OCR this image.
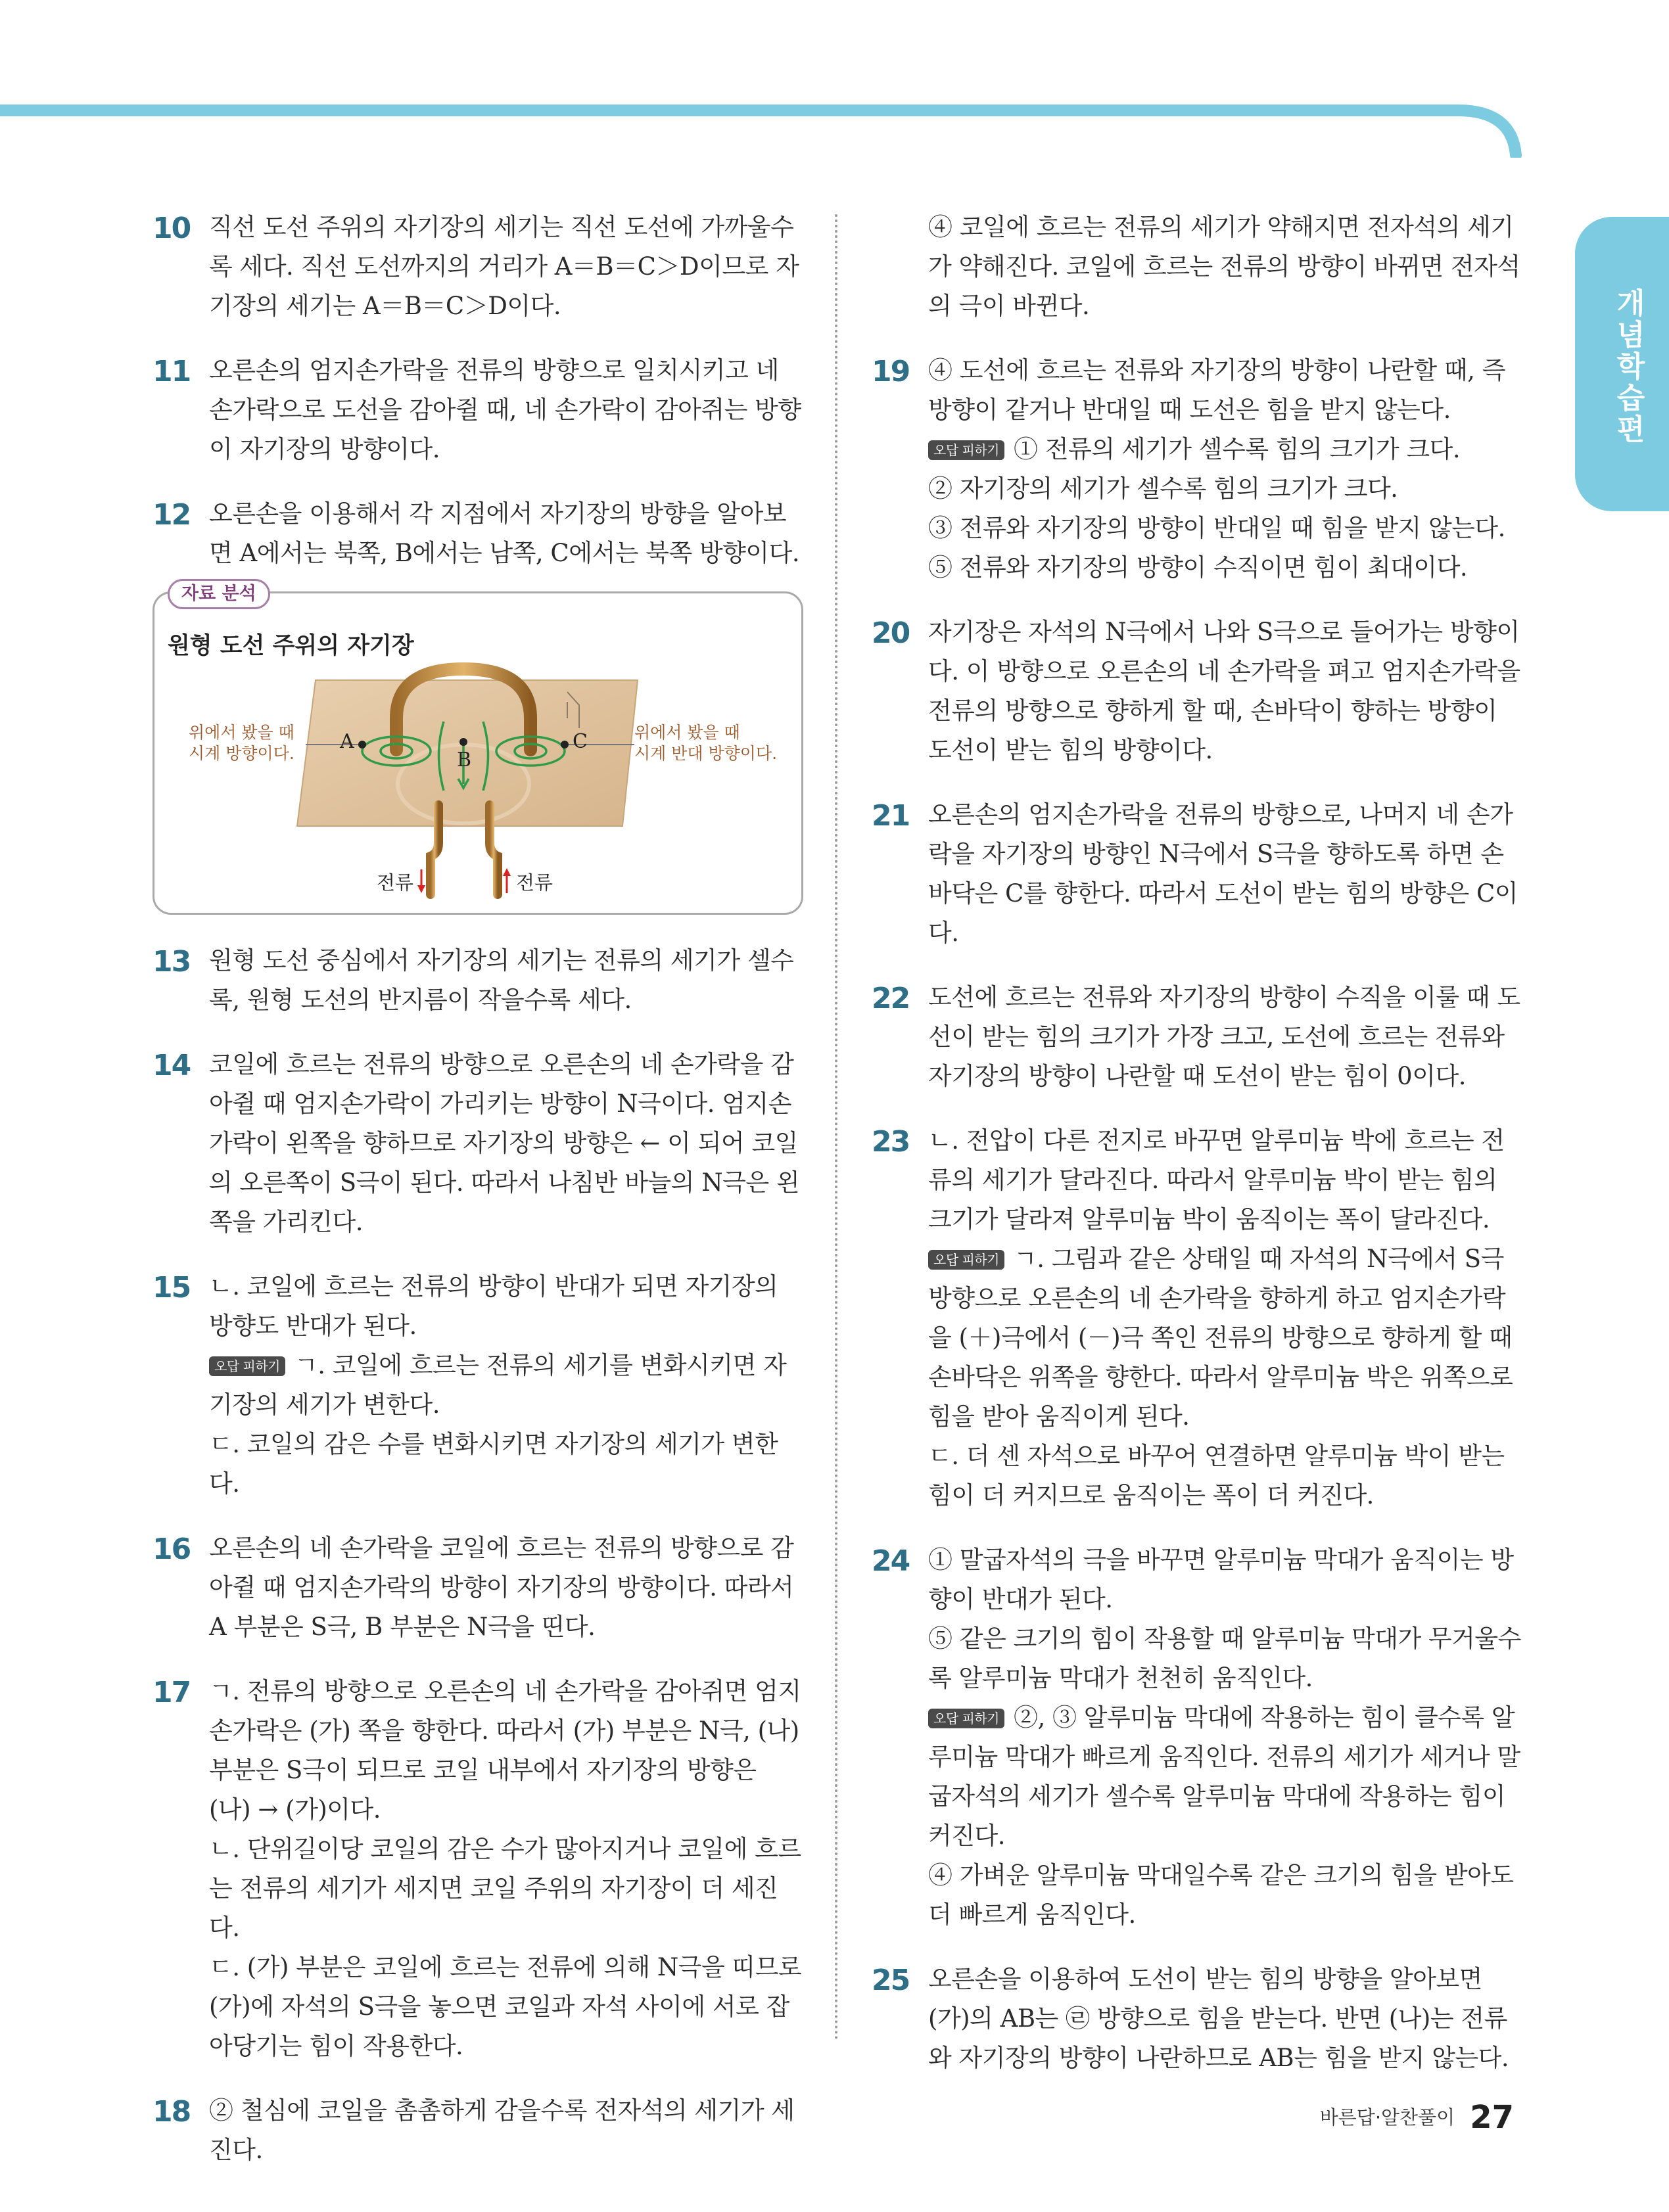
개념학습편
10 직선 도선 주위의 자기장의 세기는 직선 도선에 가까울수록 세다. 직선 도선까지의 거리가 A＝B＝C＞D이므로 자기장의 세기는 A＝B＝C＞D이다.

11 오른손의 엄지손가락을 전류의 방향으로 일치시키고 네 손가락으로 도선을 감아쥘 때, 네 손가락이 감아쥐는 방향이 자기장의 방향이다.

12 오른손을 이용해서 각 지점에서 자기장의 방향을 알아보면 A에서는 북쪽, B에서는 남쪽, C에서는 북쪽 방향이다.

자료 분석
원형 도선 주위의 자기장
A
B
C
위에서 봤을 때
시계 방향이다.
위에서 봤을 때
시계 반대 방향이다.
전류	전류
13 원형 도선 중심에서 자기장의 세기는 전류의 세기가 셀수록, 원형 도선의 반지름이 작을수록 세다.

14 코일에 흐르는 전류의 방향으로 오른손의 네 손가락을 감아쥘 때 엄지손가락이 가리키는 방향이 N극이다. 엄지손가락이 왼쪽을 향하므로 자기장의 방향은 ← 이 되어 코일의 오른쪽이 S극이 된다. 따라서 나침반 바늘의 N극은 왼쪽을 가리킨다.

15 ㄴ. 코일에 흐르는 전류의 방향이 반대가 되면 자기장의 방향도 반대가 된다.

오답 피하기 ㄱ. 코일에 흐르는 전류의 세기를 변화시키면 자기장의 세기가 변한다.

ㄷ. 코일의 감은 수를 변화시키면 자기장의 세기가 변한다.

16 오른손의 네 손가락을 코일에 흐르는 전류의 방향으로 감아쥘 때 엄지손가락의 방향이 자기장의 방향이다. 따라서 A 부분은 S극, B 부분은 N극을 띤다.

17 ㄱ. 전류의 방향으로 오른손의 네 손가락을 감아쥐면 엄지손가락은 (가) 쪽을 향한다. 따라서 (가) 부분은 N극, (나) 부분은 S극이 되므로 코일 내부에서 자기장의 방향은 (나) → (가)이다.

ㄴ. 단위길이당 코일의 감은 수가 많아지거나 코일에 흐르는 전류의 세기가 세지면 코일 주위의 자기장이 더 세진다.

ㄷ. (가) 부분은 코일에 흐르는 전류에 의해 N극을 띠므로 (가)에 자석의 S극을 놓으면 코일과 자석 사이에 서로 잡아당기는 힘이 작용한다.

18 ② 철심에 코일을 촘촘하게 감을수록 전자석의 세기가 세진다.

④ 코일에 흐르는 전류의 세기가 약해지면 전자석의 세기가 약해진다. 코일에 흐르는 전류의 방향이 바뀌면 전자석의 극이 바뀐다.

19 ④ 도선에 흐르는 전류와 자기장의 방향이 나란할 때, 즉 방향이 같거나 반대일 때 도선은 힘을 받지 않는다.

오답 피하기 ① 전류의 세기가 셀수록 힘의 크기가 크다.

② 자기장의 세기가 셀수록 힘의 크기가 크다.

③ 전류와 자기장의 방향이 반대일 때 힘을 받지 않는다.

⑤ 전류와 자기장의 방향이 수직이면 힘이 최대이다.

20 자기장은 자석의 N극에서 나와 S극으로 들어가는 방향이다. 이 방향으로 오른손의 네 손가락을 펴고 엄지손가락을 전류의 방향으로 향하게 할 때, 손바닥이 향하는 방향이 도선이 받는 힘의 방향이다.

21 오른손의 엄지손가락을 전류의 방향으로, 나머지 네 손가락을 자기장의 방향인 N극에서 S극을 향하도록 하면 손바닥은 C를 향한다. 따라서 도선이 받는 힘의 방향은 C이다.

22 도선에 흐르는 전류와 자기장의 방향이 수직을 이룰 때 도선이 받는 힘의 크기가 가장 크고, 도선에 흐르는 전류와 자기장의 방향이 나란할 때 도선이 받는 힘이 0이다.

23 ㄴ. 전압이 다른 전지로 바꾸면 알루미늄 박에 흐르는 전류의 세기가 달라진다. 따라서 알루미늄 박이 받는 힘의 크기가 달라져 알루미늄 박이 움직이는 폭이 달라진다.

오답 피하기 ㄱ. 그림과 같은 상태일 때 자석의 N극에서 S극 방향으로 오른손의 네 손가락을 향하게 하고 엄지손가락을 (＋)극에서 (－)극 쪽인 전류의 방향으로 향하게 할 때 손바닥은 위쪽을 향한다. 따라서 알루미늄 박은 위쪽으로 힘을 받아 움직이게 된다.

ㄷ. 더 센 자석으로 바꾸어 연결하면 알루미늄 박이 받는 힘이 더 커지므로 움직이는 폭이 더 커진다.

24 ① 말굽자석의 극을 바꾸면 알루미늄 막대가 움직이는 방향이 반대가 된다.

⑤ 같은 크기의 힘이 작용할 때 알루미늄 막대가 무거울수록 알루미늄 막대가 천천히 움직인다.

오답 피하기 ②, ③ 알루미늄 막대에 작용하는 힘이 클수록 알루미늄 막대가 빠르게 움직인다. 전류의 세기가 세거나 말굽자석의 세기가 셀수록 알루미늄 막대에 작용하는 힘이 커진다.

④ 가벼운 알루미늄 막대일수록 같은 크기의 힘을 받아도 더 빠르게 움직인다.

25 오른손을 이용하여 도선이 받는 힘의 방향을 알아보면 (가)의 AB는 ㉣ 방향으로 힘을 받는다. 반면 (나)는 전류와 자기장의 방향이 나란하므로 AB는 힘을 받지 않는다.

바른답·알찬풀이 27
